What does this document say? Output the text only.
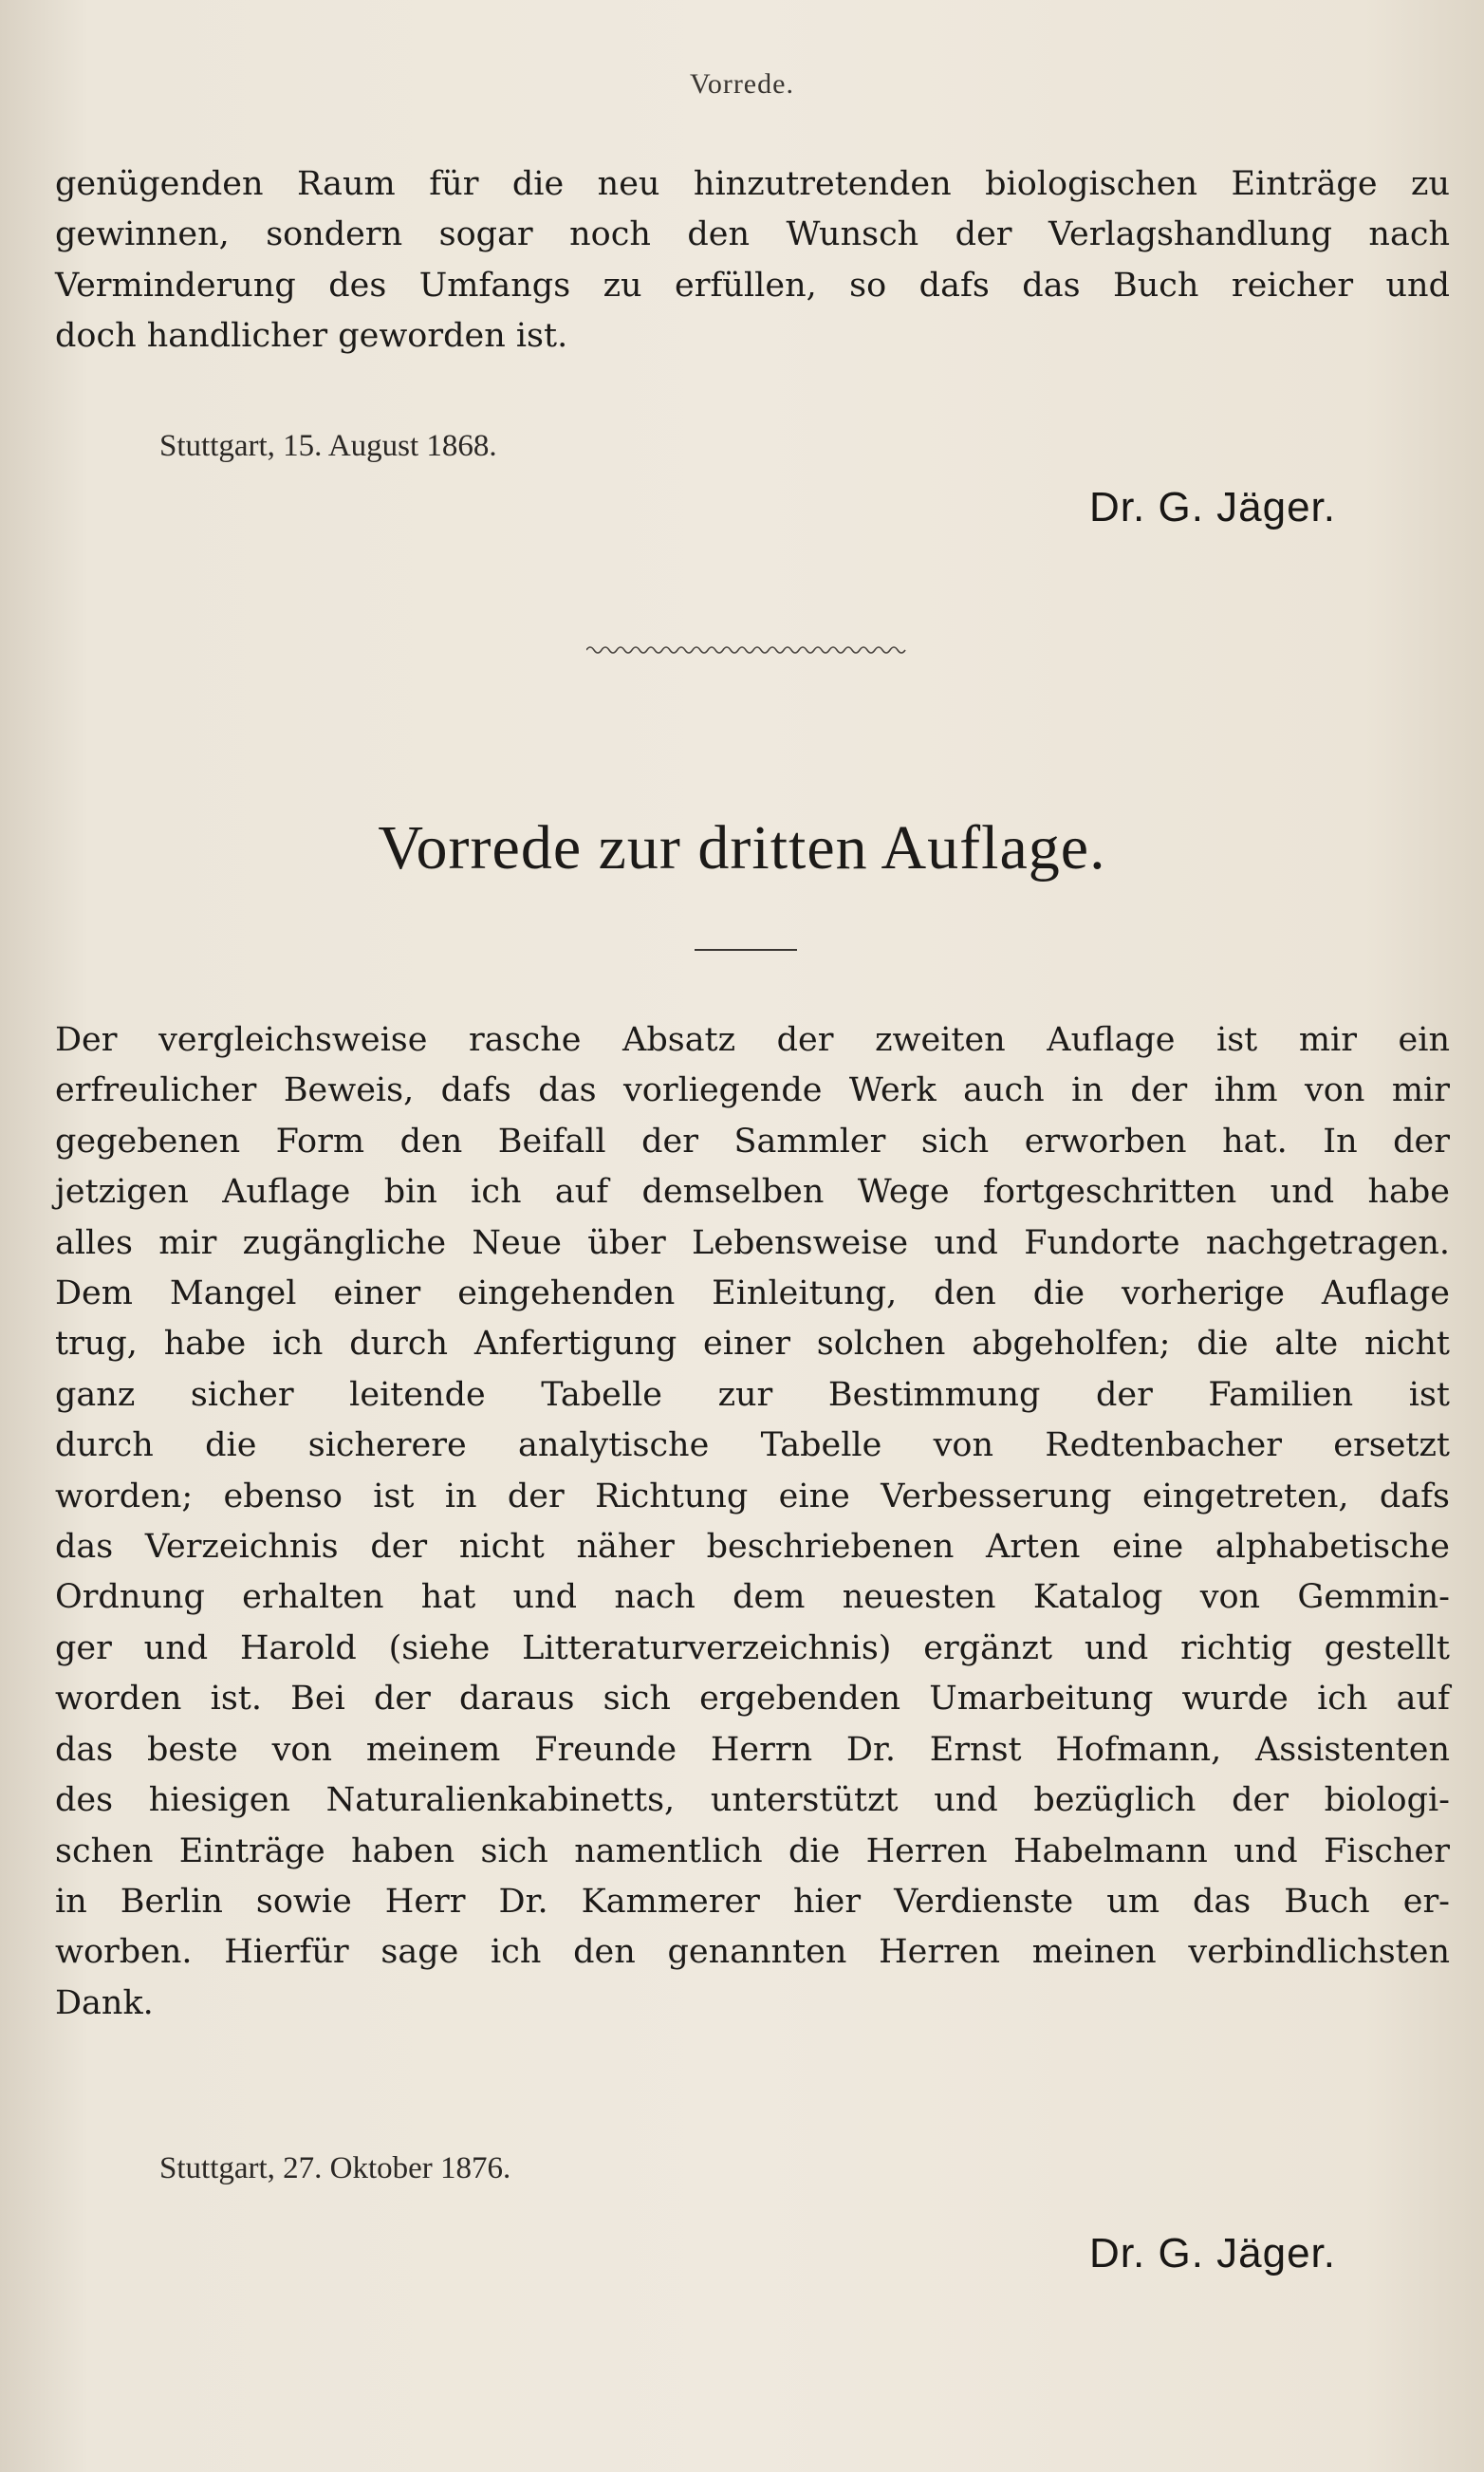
Vorrede.
genügenden Raum für die neu hinzutretenden biologischen Einträge zu
gewinnen, sondern sogar noch den Wunsch der Verlagshandlung nach
Verminderung des Umfangs zu erfüllen, so dafs das Buch reicher und
doch handlicher geworden ist.
Stuttgart, 15. August 1868.
Dr. G. Jäger.
Vorrede zur dritten Auflage.
Der vergleichsweise rasche Absatz der zweiten Auflage ist mir ein
erfreulicher Beweis, dafs das vorliegende Werk auch in der ihm von mir
gegebenen Form den Beifall der Sammler sich erworben hat. In der
jetzigen Auflage bin ich auf demselben Wege fortgeschritten und habe
alles mir zugängliche Neue über Lebensweise und Fundorte nachgetragen.
Dem Mangel einer eingehenden Einleitung, den die vorherige Auflage
trug, habe ich durch Anfertigung einer solchen abgeholfen; die alte nicht
ganz sicher leitende Tabelle zur Bestimmung der Familien ist
durch die sicherere analytische Tabelle von Redtenbacher ersetzt
worden; ebenso ist in der Richtung eine Verbesserung eingetreten, dafs
das Verzeichnis der nicht näher beschriebenen Arten eine alphabetische
Ordnung erhalten hat und nach dem neuesten Katalog von Gemmin-
ger und Harold (siehe Litteraturverzeichnis) ergänzt und richtig gestellt
worden ist. Bei der daraus sich ergebenden Umarbeitung wurde ich auf
das beste von meinem Freunde Herrn Dr. Ernst Hofmann, Assistenten
des hiesigen Naturalienkabinetts, unterstützt und bezüglich der biologi-
schen Einträge haben sich namentlich die Herren Habelmann und Fischer
in Berlin sowie Herr Dr. Kammerer hier Verdienste um das Buch er-
worben. Hierfür sage ich den genannten Herren meinen verbindlichsten
Dank.
Stuttgart, 27. Oktober 1876.
Dr. G. Jäger.
